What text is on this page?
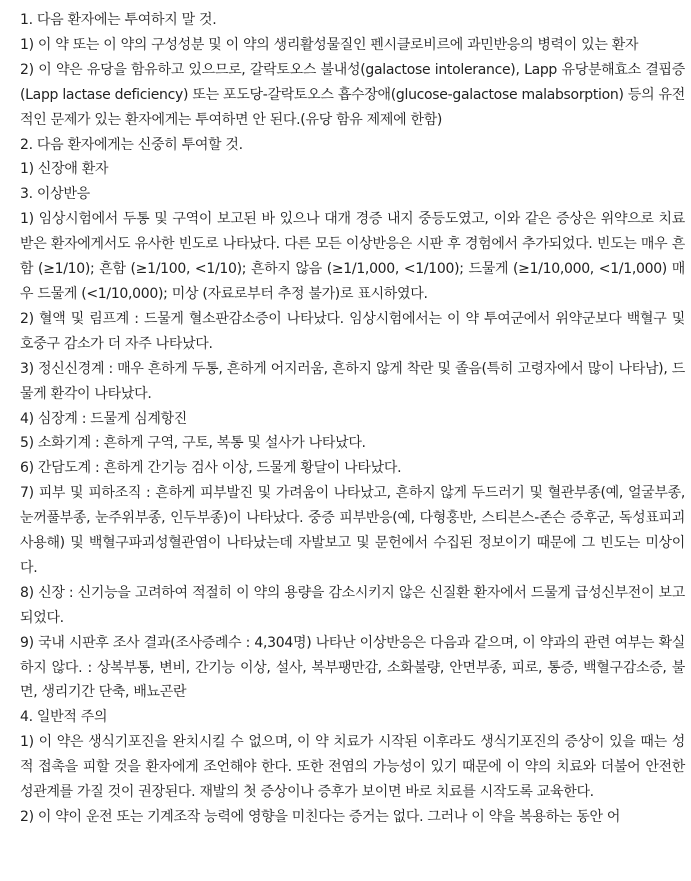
1. 다음 환자에는 투여하지 말 것.

1) 이 약 또는 이 약의 구성성분 및 이 약의 생리활성물질인 펜시클로비르에 과민반응의 병력이 있는 환자

2) 이 약은 유당을 함유하고 있으므로, 갈락토오스 불내성(galactose intolerance), Lapp 유당분해효소 결핍증(Lapp lactase deficiency) 또는 포도당-갈락토오스 흡수장애(glucose-galactose malabsorption) 등의 유전적인 문제가 있는 환자에게는 투여하면 안 된다.(유당 함유 제제에 한함)

2. 다음 환자에게는 신중히 투여할 것.

1) 신장애 환자

3. 이상반응

1) 임상시험에서 두통 및 구역이 보고된 바 있으나 대개 경증 내지 중등도였고, 이와 같은 증상은 위약으로 치료받은 환자에게서도 유사한 빈도로 나타났다. 다른 모든 이상반응은 시판 후 경험에서 추가되었다. 빈도는 매우 흔함 (≥1/10); 흔함 (≥1/100, <1/10); 흔하지 않음 (≥1/1,000, <1/100); 드물게 (≥1/10,000, <1/1,000) 매우 드물게 (<1/10,000); 미상 (자료로부터 추정 불가)로 표시하였다.

2) 혈액 및 림프계 : 드물게 혈소판감소증이 나타났다. 임상시험에서는 이 약 투여군에서 위약군보다 백혈구 및 호중구 감소가 더 자주 나타났다.

3) 정신신경계 : 매우 흔하게 두통, 흔하게 어지러움, 흔하지 않게 착란 및 졸음(특히 고령자에서 많이 나타남), 드물게 환각이 나타났다.

4) 심장계 : 드물게 심계항진

5) 소화기계 : 흔하게 구역, 구토, 복통 및 설사가 나타났다.

6) 간담도계 : 흔하게 간기능 검사 이상, 드물게 황달이 나타났다.

7) 피부 및 피하조직 : 흔하게 피부발진 및 가려움이 나타났고, 흔하지 않게 두드러기 및 혈관부종(예, 얼굴부종, 눈꺼풀부종, 눈주위부종, 인두부종)이 나타났다. 중증 피부반응(예, 다형홍반, 스티븐스-존슨 증후군, 독성표피괴사용해) 및 백혈구파괴성혈관염이 나타났는데 자발보고 및 문헌에서 수집된 정보이기 때문에 그 빈도는 미상이다.

8) 신장 : 신기능을 고려하여 적절히 이 약의 용량을 감소시키지 않은 신질환 환자에서 드물게 급성신부전이 보고되었다.

9) 국내 시판후 조사 결과(조사증례수 : 4,304명) 나타난 이상반응은 다음과 같으며, 이 약과의 관련 여부는 확실하지 않다. : 상복부통, 변비, 간기능 이상, 설사, 복부팽만감, 소화불량, 안면부종, 피로, 통증, 백혈구감소증, 불면, 생리기간 단축, 배뇨곤란

4. 일반적 주의

1) 이 약은 생식기포진을 완치시킬 수 없으며, 이 약 치료가 시작된 이후라도 생식기포진의 증상이 있을 때는 성적 접촉을 피할 것을 환자에게 조언해야 한다. 또한 전염의 가능성이 있기 때문에 이 약의 치료와 더불어 안전한 성관계를 가질 것이 권장된다. 재발의 첫 증상이나 증후가 보이면 바로 치료를 시작도록 교육한다.

2) 이 약이 운전 또는 기계조작 능력에 영향을 미친다는 증거는 없다. 그러나 이 약을 복용하는 동안 어
